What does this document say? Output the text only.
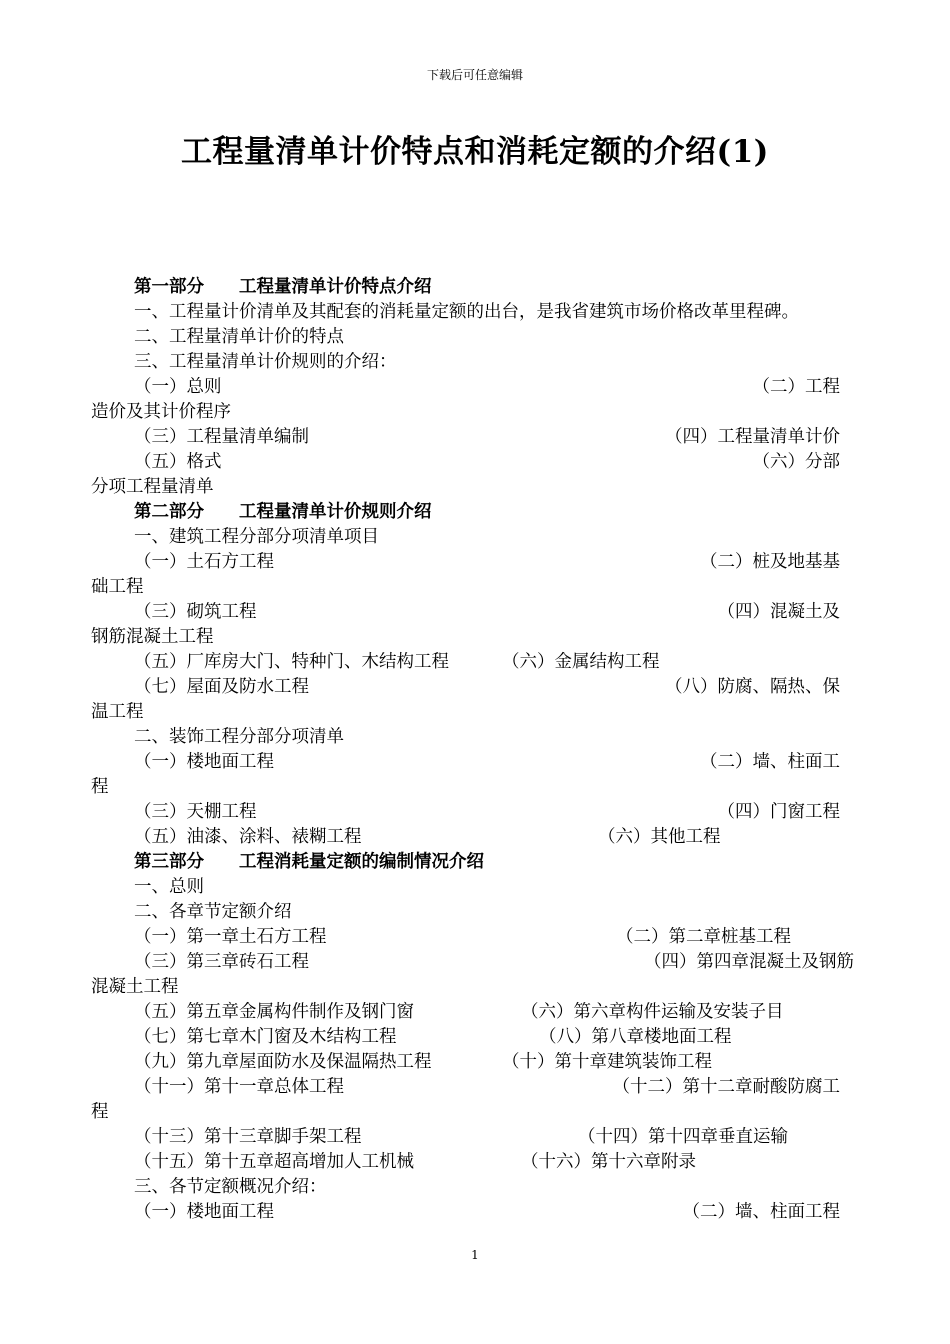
下载后可任意编辑
工程量清单计价特点和消耗定额的介绍(1)
第一部分　　工程量清单计价特点介绍
一、工程量计价清单及其配套的消耗量定额的出台，是我省建筑市场价格改革里程碑。
二、工程量清单计价的特点
三、工程量清单计价规则的介绍：
（一）总则	（二）工程
造价及其计价程序
（三）工程量清单编制	（四）工程量清单计价
（五）格式	（六）分部
分项工程量清单
第二部分　　工程量清单计价规则介绍
一、建筑工程分部分项清单项目
（一）土石方工程	（二）桩及地基基
础工程
（三）砌筑工程	（四）混凝土及
钢筋混凝土工程
（五）厂库房大门、特种门、木结构工程	（六）金属结构工程
（七）屋面及防水工程	（八）防腐、隔热、保
温工程
二、装饰工程分部分项清单
（一）楼地面工程	（二）墙、柱面工
程
（三）天棚工程	（四）门窗工程
（五）油漆、涂料、裱糊工程	（六）其他工程
第三部分　　工程消耗量定额的编制情况介绍
一、总则
二、各章节定额介绍
（一）第一章土石方工程	（二）第二章桩基工程
（三）第三章砖石工程	（四）第四章混凝土及钢筋
混凝土工程
（五）第五章金属构件制作及钢门窗	（六）第六章构件运输及安装子目
（七）第七章木门窗及木结构工程	（八）第八章楼地面工程
（九）第九章屋面防水及保温隔热工程	（十）第十章建筑装饰工程
（十一）第十一章总体工程	（十二）第十二章耐酸防腐工
程
（十三）第十三章脚手架工程	（十四）第十四章垂直运输
（十五）第十五章超高增加人工机械	（十六）第十六章附录
三、各节定额概况介绍：
（一）楼地面工程	（二）墙、柱面工程
1
